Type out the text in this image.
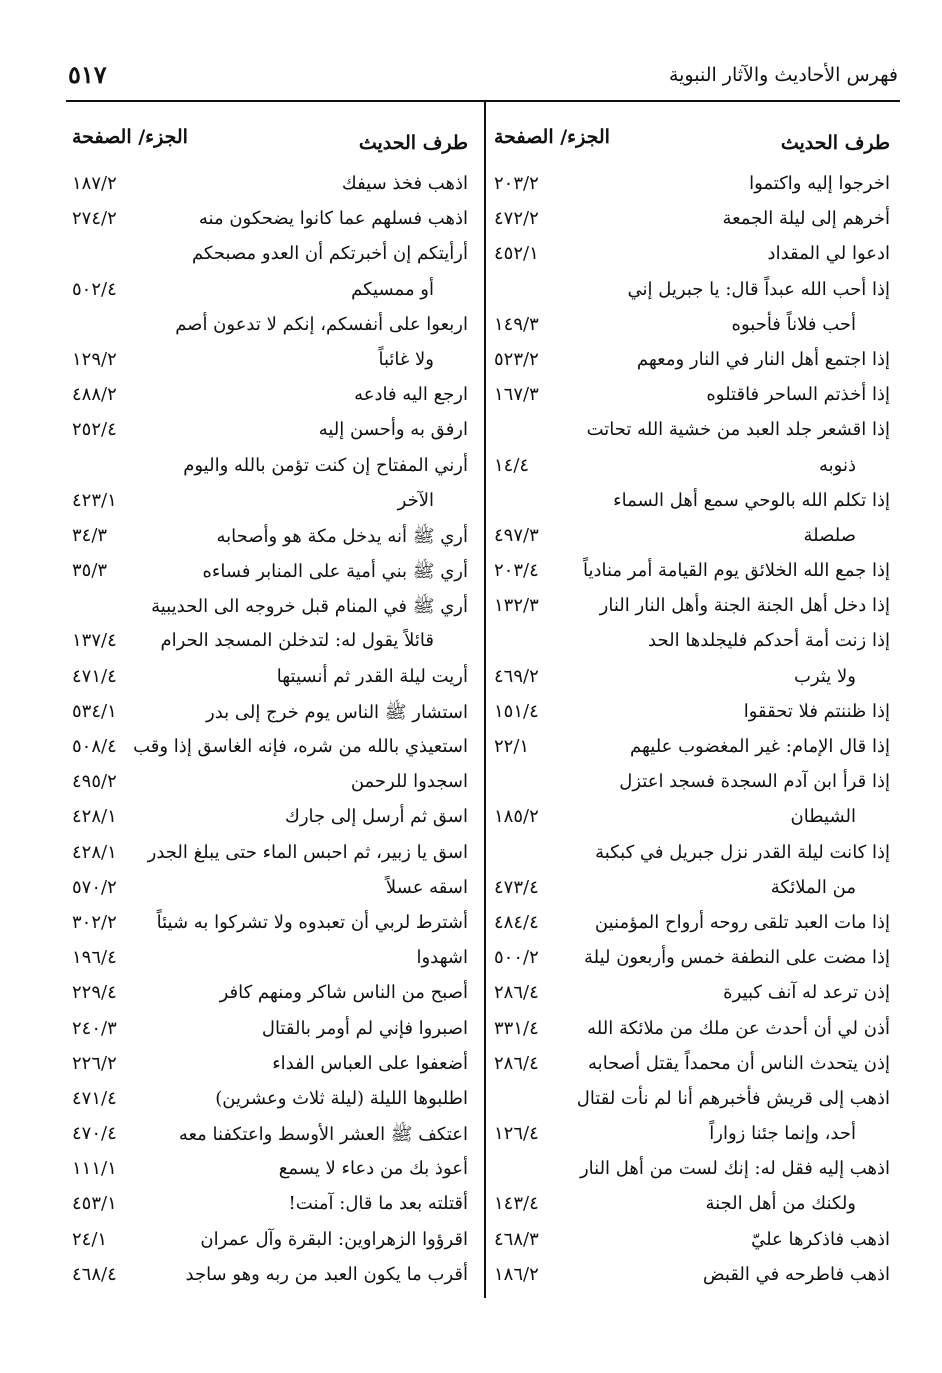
فهرس الأحاديث والآثار النبوية
٥١٧
طرف الحديث
الجزء/ الصفحة
اخرجوا إليه واكتموا
٢٠٣/٢
أخرهم إلى ليلة الجمعة
٤٧٢/٢
ادعوا لي المقداد
٤٥٢/١
إذا أحب الله عبداً قال: يا جبريل إني
أحب فلاناً فأحبوه
١٤٩/٣
إذا اجتمع أهل النار في النار ومعهم
٥٢٣/٢
إذا أخذتم الساحر فاقتلوه
١٦٧/٣
إذا اقشعر جلد العبد من خشية الله تحاتت
ذنوبه
١٤/٤
إذا تكلم الله بالوحي سمع أهل السماء
صلصلة
٤٩٧/٣
إذا جمع الله الخلائق يوم القيامة أمر منادياً
٢٠٣/٤
إذا دخل أهل الجنة الجنة وأهل النار النار
١٣٢/٣
إذا زنت أمة أحدكم فليجلدها الحد
ولا يثرب
٤٦٩/٢
إذا ظننتم فلا تحققوا
١٥١/٤
إذا قال الإمام: غير المغضوب عليهم
٢٢/١
إذا قرأ ابن آدم السجدة فسجد اعتزل
الشيطان
١٨٥/٢
إذا كانت ليلة القدر نزل جبريل في كبكبة
من الملائكة
٤٧٣/٤
إذا مات العبد تلقى روحه أرواح المؤمنين
٤٨٤/٤
إذا مضت على النطفة خمس وأربعون ليلة
٥٠٠/٢
إذن ترعد له آنف كبيرة
٢٨٦/٤
أذن لي أن أحدث عن ملك من ملائكة الله
٣٣١/٤
إذن يتحدث الناس أن محمداً يقتل أصحابه
٢٨٦/٤
اذهب إلى قريش فأخبرهم أنا لم نأت لقتال
أحد، وإنما جئنا زواراً
١٢٦/٤
اذهب إليه فقل له: إنك لست من أهل النار
ولكنك من أهل الجنة
١٤٣/٤
اذهب فاذكرها عليّ
٤٦٨/٣
اذهب فاطرحه في القبض
١٨٦/٢
طرف الحديث
الجزء/ الصفحة
اذهب فخذ سيفك
١٨٧/٢
اذهب فسلهم عما كانوا يضحكون منه
٢٧٤/٢
أرأيتكم إن أخبرتكم أن العدو مصبحكم
أو ممسيكم
٥٠٢/٤
اربعوا على أنفسكم، إنكم لا تدعون أصم
ولا غائباً
١٢٩/٢
ارجع اليه فادعه
٤٨٨/٢
ارفق به وأحسن إليه
٢٥٢/٤
أرني المفتاح إن كنت تؤمن بالله واليوم
الآخر
٤٢٣/١
أري ﷺ أنه يدخل مكة هو وأصحابه
٣٤/٣
أري ﷺ بني أمية على المنابر فساءه
٣٥/٣
أري ﷺ في المنام قبل خروجه الى الحديبية
قائلاً يقول له: لتدخلن المسجد الحرام
١٣٧/٤
أريت ليلة القدر ثم أنسيتها
٤٧١/٤
استشار ﷺ الناس يوم خرج إلى بدر
٥٣٤/١
استعيذي بالله من شره، فإنه الغاسق إذا وقب
٥٠٨/٤
اسجدوا للرحمن
٤٩٥/٢
اسق ثم أرسل إلى جارك
٤٢٨/١
اسق يا زبير، ثم احبس الماء حتى يبلغ الجدر
٤٢٨/١
اسقه عسلاً
٥٧٠/٢
أشترط لربي أن تعبدوه ولا تشركوا به شيئاً
٣٠٢/٢
اشهدوا
١٩٦/٤
أصبح من الناس شاكر ومنهم كافر
٢٢٩/٤
اصبروا فإني لم أومر بالقتال
٢٤٠/٣
أضعفوا على العباس الفداء
٢٢٦/٢
اطلبوها الليلة (ليلة ثلاث وعشرين)
٤٧١/٤
اعتكف ﷺ العشر الأوسط واعتكفنا معه
٤٧٠/٤
أعوذ بك من دعاء لا يسمع
١١١/١
أقتلته بعد ما قال: آمنت!
٤٥٣/١
اقرؤوا الزهراوين: البقرة وآل عمران
٢٤/١
أقرب ما يكون العبد من ربه وهو ساجد
٤٦٨/٤
